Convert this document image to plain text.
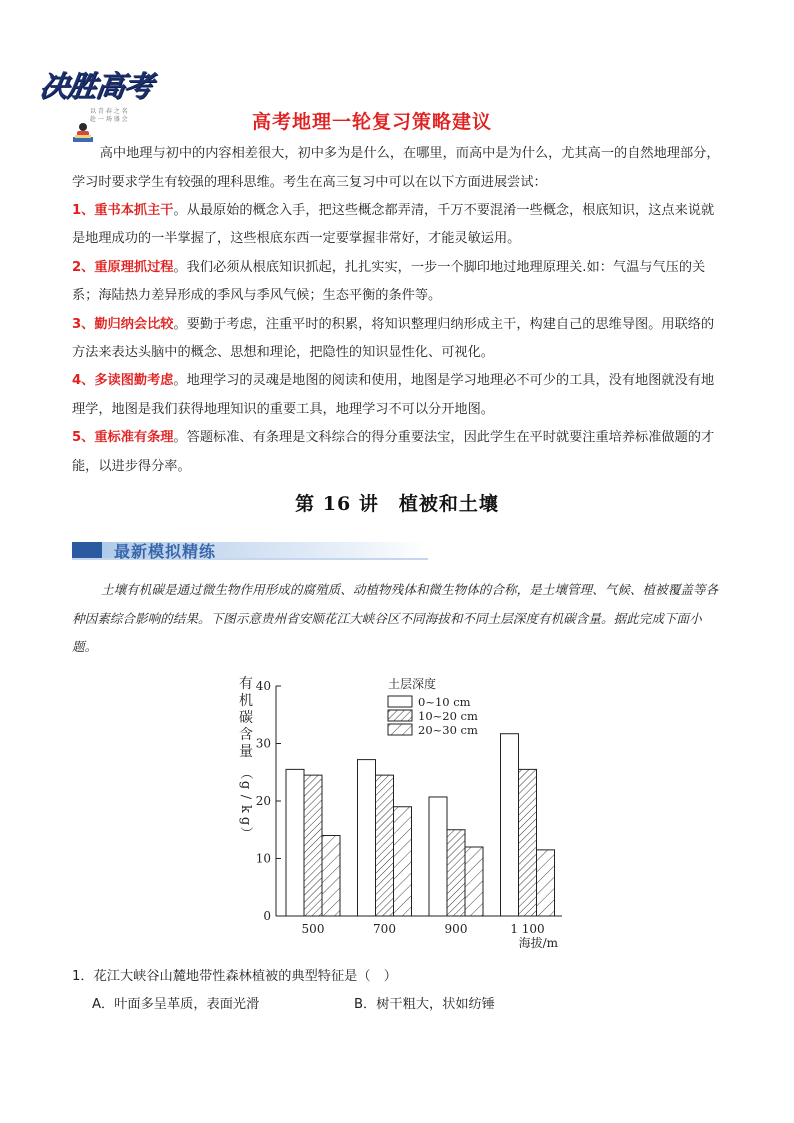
决胜高考
以 青 春 之 名
赴 一 场 盛 会	高考地理一轮复习策略建议

高中地理与初中的内容相差很大，初中多为是什么，在哪里，而高中是为什么，尤其高一的自然地理部分，学习时要求学生有较强的理科思维。考生在高三复习中可以在以下方面进展尝试：

1、重书本抓主干。从最原始的概念入手，把这些概念都弄清，千万不要混淆一些概念，根底知识，这点来说就是地理成功的一半掌握了，这些根底东西一定要掌握非常好，才能灵敏运用。

2、重原理抓过程。我们必须从根底知识抓起，扎扎实实，一步一个脚印地过地理原理关.如：气温与气压的关系；海陆热力差异形成的季风与季风气候；生态平衡的条件等。

3、勤归纳会比较。要勤于考虑，注重平时的积累，将知识整理归纳形成主干，构建自己的思维导图。用联络的方法来表达头脑中的概念、思想和理论，把隐性的知识显性化、可视化。

4、多读图勤考虑。地理学习的灵魂是地图的阅读和使用，地图是学习地理必不可少的工具，没有地图就没有地理学，地图是我们获得地理知识的重要工具，地理学习不可以分开地图。

5、重标准有条理。答题标准、有条理是文科综合的得分重要法宝，因此学生在平时就要注重培养标准做题的才能，以进步得分率。

第 16 讲　植被和土壤
最新模拟精练

土壤有机碳是通过微生物作用形成的腐殖质、动植物残体和微生物体的合称，是土壤管理、气候、植被覆盖等各种因素综合影响的结果。下图示意贵州省安顺花江大峡谷区不同海拔和不同土层深度有机碳含量。据此完成下面小题。

0
10
20
30
40
有
机
碳
含
量
（
g
/
k
g
）
500	700	900	1 100
海拔/m
土层深度
0~10 cm
10~20 cm
20~30 cm
1．花江大峡谷山麓地带性森林植被的典型特征是（　）
A．叶面多呈革质，表面光滑	B．树干粗大，状如纺锤
